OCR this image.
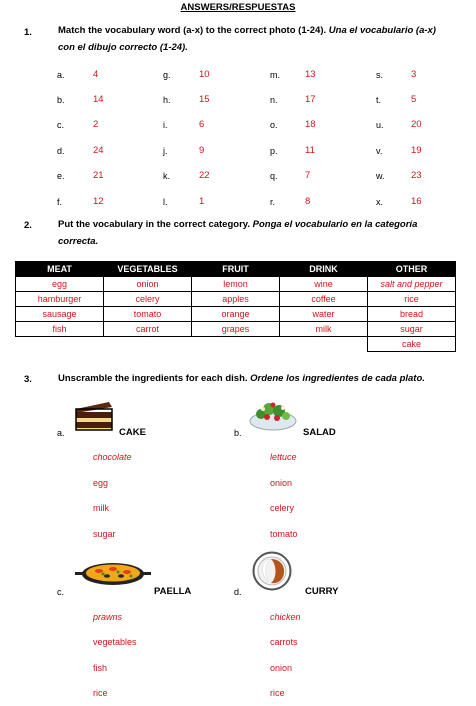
ANSWERS/RESPUESTAS
1.	Match the vocabulary word (a-x) to the correct photo (1-24). Una el vocabulario (a-x) con el dibujo correcto (1-24).
a.	4	g.	10	m.	13	s.	3
b.	14	h.	15	n.	17	t.	5
c.	2	i.	6	o.	18	u.	20
d.	24	j.	9	p.	11	v.	19
e.	21	k.	22	q.	7	w.	23
f.	12	l.	1	r.	8	x.	16
2.	Put the vocabulary in the correct category. Ponga el vocabulario en la categoría correcta.
MEAT	VEGETABLES	FRUIT	DRINK	OTHER
egg	onion	lemon	wine	salt and pepper
hamburger	celery	apples	coffee	rice
sausage	tomato	orange	water	bread
fish	carrot	grapes	milk	sugar
				cake
3.	Unscramble the ingredients for each dish. Ordene los ingredientes de cada plato.
a.	CAKE
chocolate
egg
milk
sugar
b.	SALAD
lettuce
onion
celery
tomato
c.	PAELLA
prawns
vegetables
fish
rice
d.	CURRY
chicken
carrots
onion
rice
